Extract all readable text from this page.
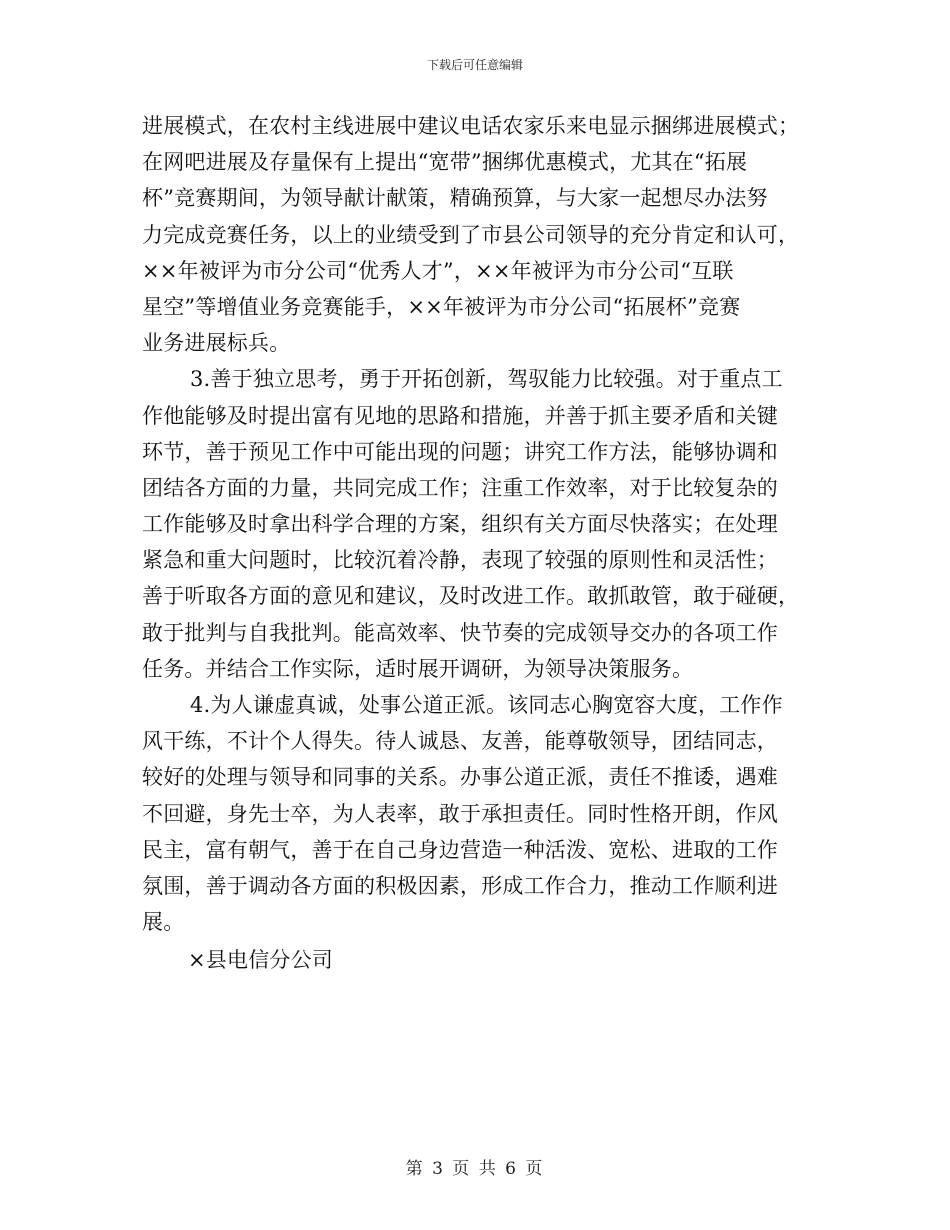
下载后可任意编辑
进展模式，在农村主线进展中建议电话农家乐来电显示捆绑进展模式；
在网吧进展及存量保有上提出“宽带”捆绑优惠模式，尤其在“拓展
杯”竞赛期间，为领导献计献策，精确预算，与大家一起想尽办法努
力完成竞赛任务，以上的业绩受到了市县公司领导的充分肯定和认可，
××年被评为市分公司“优秀人才”，××年被评为市分公司“互联
星空”等增值业务竞赛能手，××年被评为市分公司“拓展杯”竞赛
业务进展标兵。
3.善于独立思考，勇于开拓创新，驾驭能力比较强。对于重点工
作他能够及时提出富有见地的思路和措施，并善于抓主要矛盾和关键
环节，善于预见工作中可能出现的问题；讲究工作方法，能够协调和
团结各方面的力量，共同完成工作；注重工作效率，对于比较复杂的
工作能够及时拿出科学合理的方案，组织有关方面尽快落实；在处理
紧急和重大问题时，比较沉着冷静，表现了较强的原则性和灵活性；
善于听取各方面的意见和建议，及时改进工作。敢抓敢管，敢于碰硬，
敢于批判与自我批判。能高效率、快节奏的完成领导交办的各项工作
任务。并结合工作实际，适时展开调研，为领导决策服务。
4.为人谦虚真诚，处事公道正派。该同志心胸宽容大度，工作作
风干练，不计个人得失。待人诚恳、友善，能尊敬领导，团结同志，
较好的处理与领导和同事的关系。办事公道正派，责任不推诿，遇难
不回避，身先士卒，为人表率，敢于承担责任。同时性格开朗，作风
民主，富有朝气，善于在自己身边营造一种活泼、宽松、进取的工作
氛围，善于调动各方面的积极因素，形成工作合力，推动工作顺利进
展。
×县电信分公司
第 3 页 共 6 页
